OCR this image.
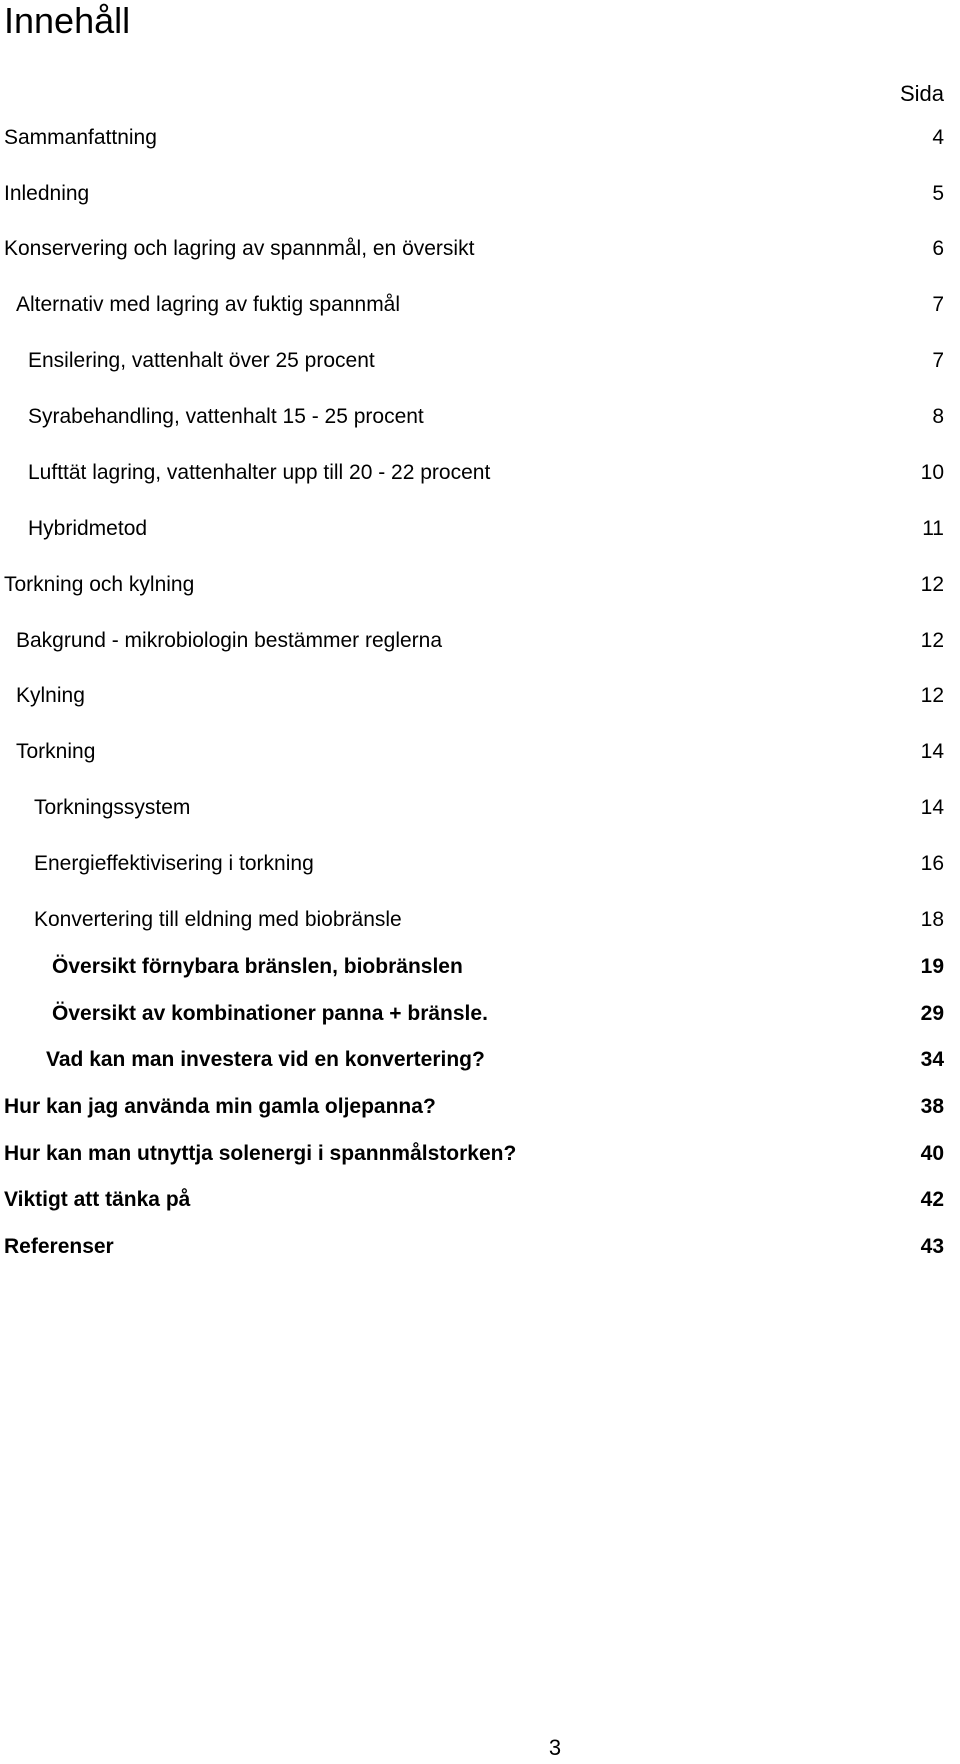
Innehåll
Sida
Sammanfattning	4
Inledning	5
Konservering och lagring av spannmål, en översikt	6
Alternativ med lagring av fuktig spannmål	7
Ensilering, vattenhalt över 25 procent	7
Syrabehandling, vattenhalt 15 - 25 procent	8
Lufttät lagring, vattenhalter upp till 20 - 22 procent	10
Hybridmetod	11
Torkning och kylning	12
Bakgrund - mikrobiologin bestämmer reglerna	12
Kylning	12
Torkning	14
Torkningssystem	14
Energieffektivisering i torkning	16
Konvertering till eldning med biobränsle	18
Översikt förnybara bränslen, biobränslen	19
Översikt av kombinationer panna + bränsle.	29
Vad kan man investera vid en konvertering?	34
Hur kan jag använda min gamla oljepanna?	38
Hur kan man utnyttja solenergi i spannmålstorken?	40
Viktigt att tänka på	42
Referenser	43
3
